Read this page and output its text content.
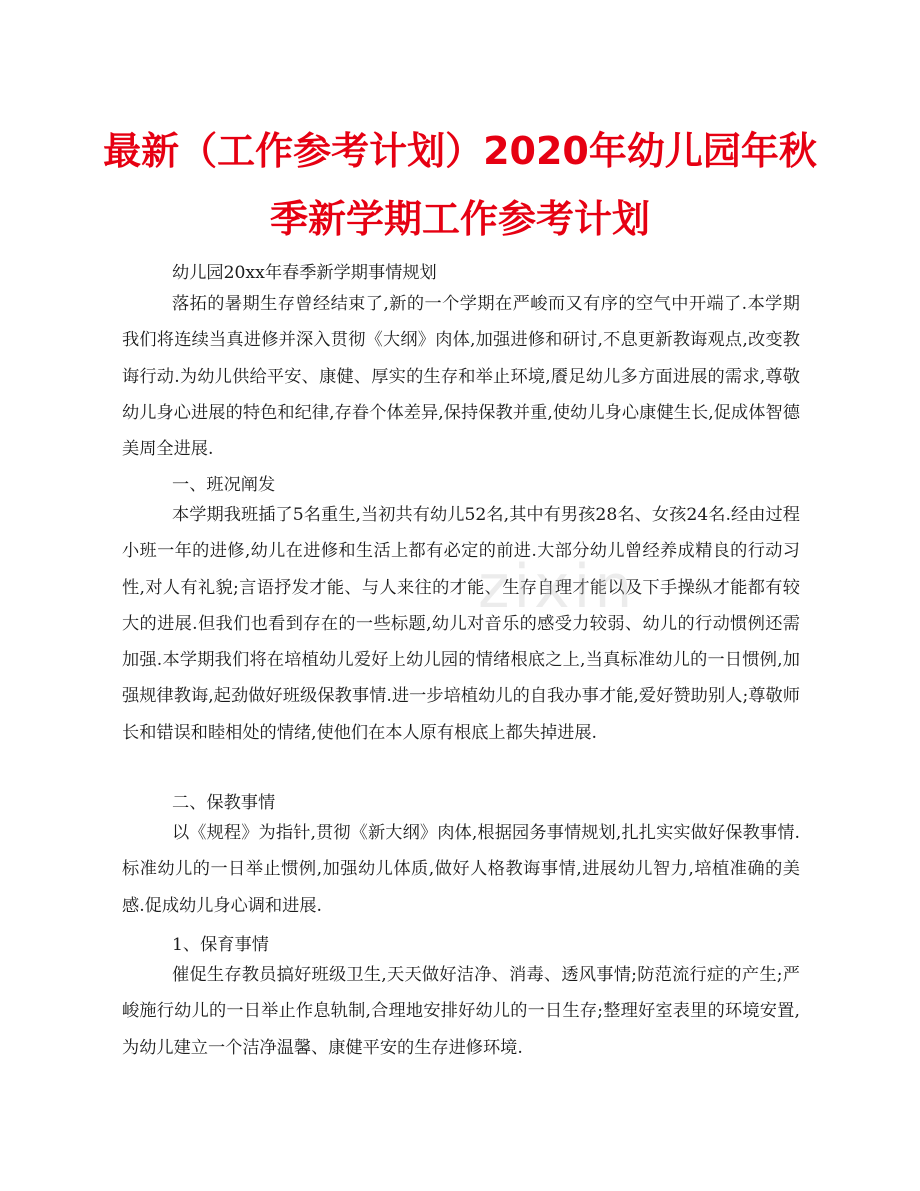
最新（工作参考计划）2020年幼儿园年秋
季新学期工作参考计划
幼儿园20xx年春季新学期事情规划

落拓的暑期生存曾经结束了,新的一个学期在严峻而又有序的空气中开端了.本学期我们将连续当真进修并深入贯彻《大纲》肉体,加强进修和研讨,不息更新教诲观点,改变教诲行动.为幼儿供给平安、康健、厚实的生存和举止环境,餍足幼儿多方面进展的需求,尊敬幼儿身心进展的特色和纪律,存眷个体差异,保持保教并重,使幼儿身心康健生长,促成体智德美周全进展.

一、班况阐发

本学期我班插了5名重生,当初共有幼儿52名,其中有男孩28名、女孩24名.经由过程小班一年的进修,幼儿在进修和生活上都有必定的前进.大部分幼儿曾经养成精良的行动习性,对人有礼貌;言语抒发才能、与人来往的才能、生存自理才能以及下手操纵才能都有较大的进展.但我们也看到存在的一些标题,幼儿对音乐的感受力较弱、幼儿的行动惯例还需加强.本学期我们将在培植幼儿爱好上幼儿园的情绪根底之上,当真标准幼儿的一日惯例,加强规律教诲,起劲做好班级保教事情.进一步培植幼儿的自我办事才能,爱好赞助别人;尊敬师长和错误和睦相处的情绪,使他们在本人原有根底上都失掉进展.

二、保教事情

以《规程》为指针,贯彻《新大纲》肉体,根据园务事情规划,扎扎实实做好保教事情.标准幼儿的一日举止惯例,加强幼儿体质,做好人格教诲事情,进展幼儿智力,培植准确的美感.促成幼儿身心调和进展.

1、保育事情

催促生存教员搞好班级卫生,天天做好洁净、消毒、透风事情;防范流行症的产生;严峻施行幼儿的一日举止作息轨制,合理地安排好幼儿的一日生存;整理好室表里的环境安置,为幼儿建立一个洁净温馨、康健平安的生存进修环境.

zixin
